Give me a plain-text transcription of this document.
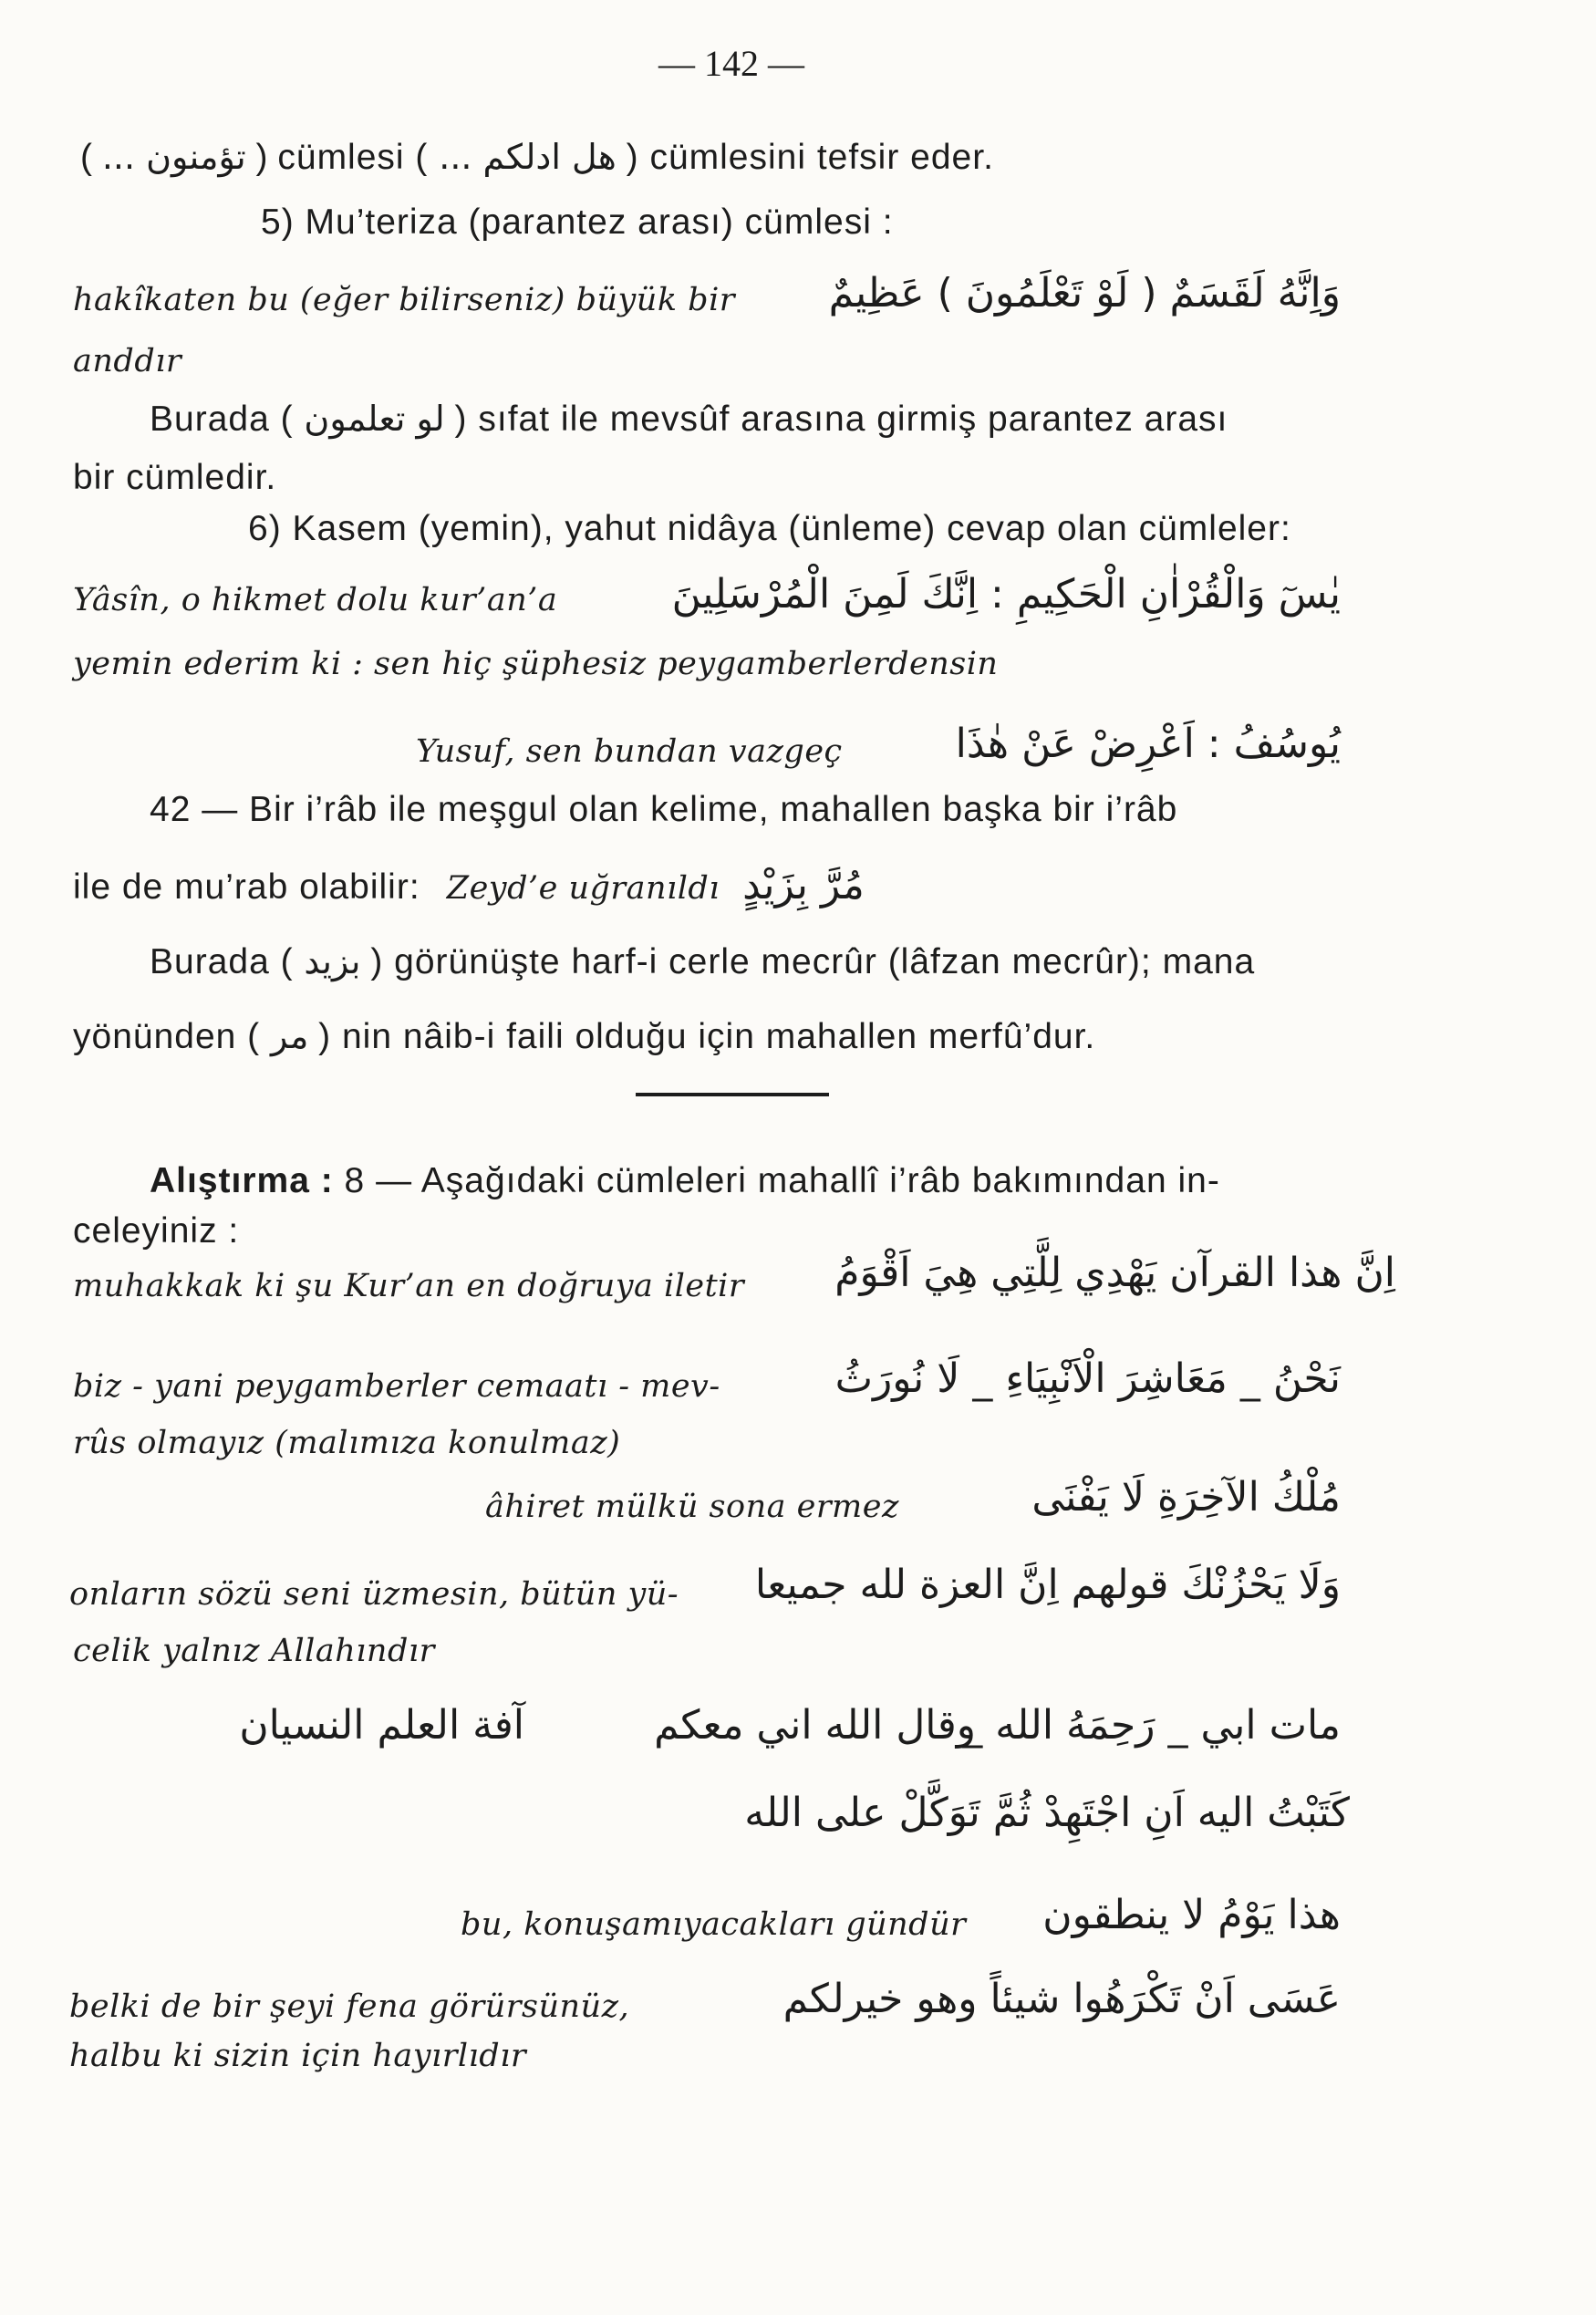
— 142 —
( تؤمنون ... ) cümlesi ( هل ادلكم ... ) cümlesini tefsir eder.
5) Mu’teriza (parantez arası) cümlesi :
hakîkaten bu (eğer bilirseniz) büyük bir وَاِنَّهُ لَقَسَمٌ ( لَوْ تَعْلَمُونَ ) عَظِيمٌ
anddır
Burada ( لو تعلمون ) sıfat ile mevsûf arasına girmiş parantez arası
bir cümledir.
6) Kasem (yemin), yahut nidâya (ünleme) cevap olan cümleler:
Yâsîn, o hikmet dolu kur’an’a	يٰسٓ وَالْقُرْاٰنِ الْحَكِيمِ : اِنَّكَ لَمِنَ الْمُرْسَلِينَ
yemin ederim ki : sen hiç şüphesiz peygamberlerdensin
Yusuf, sen bundan vazgeç	يُوسُفُ : اَعْرِضْ عَنْ هٰذَا
42 — Bir i’râb ile meşgul olan kelime, mahallen başka bir i’râb
ile de mu’rab olabilir: Zeyd’e uğranıldı مُرَّ بِزَيْدٍ
Burada ( بزيد ) görünüşte harf-i cerle mecrûr (lâfzan mecrûr); mana
yönünden ( مر ) nin nâib-i faili olduğu için mahallen merfû’dur.
Alıştırma : 8 — Aşağıdaki cümleleri mahallî i’râb bakımından in-
celeyiniz :
muhakkak ki şu Kur’an en doğruya iletir	اِنَّ هذا القرآن يَهْدِي لِلَّتِي هِيَ اَقْوَمُ
biz - yani peygamberler cemaatı - mev-	نَحْنُ _ مَعَاشِرَ الْاَنْبِيَاءِ _ لَا نُورَثُ
rûs olmayız (malımıza konulmaz)
âhiret mülkü sona ermez	مُلْكُ الآخِرَةِ لَا يَفْنَى
onların sözü seni üzmesin, bütün yü- وَلَا يَحْزُنْكَ قولهم اِنَّ العزة لله جميعا
celik yalnız Allahındır
مات ابي _ رَحِمَهُ الله _
وقال الله اني معكم
آفة العلم النسيان
كَتَبْتُ اليه اَنِ اجْتَهِدْ ثُمَّ تَوَكَّلْ على الله
bu, konuşamıyacakları gündür	هذا يَوْمُ لا ينطقون
belki de bir şeyi fena görürsünüz,	عَسَى اَنْ تَكْرَهُوا شيئاً وهو خيرلكم
halbu ki sizin için hayırlıdır
